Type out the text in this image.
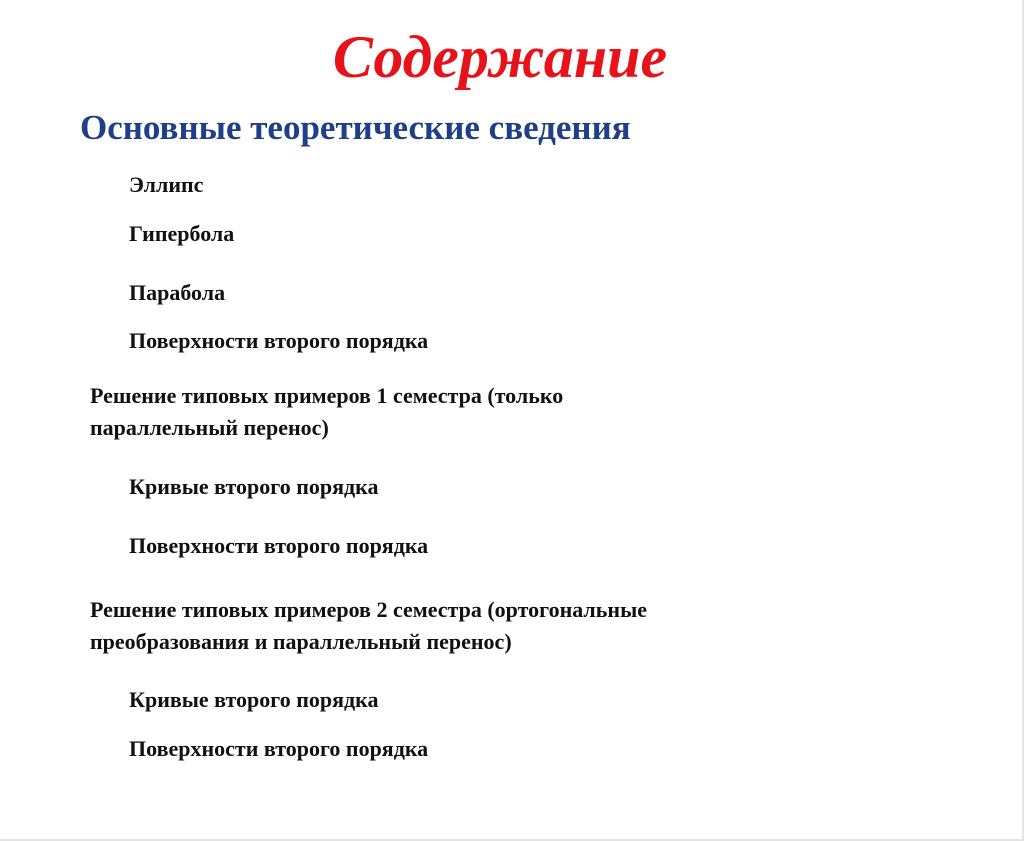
Содержание
Основные теоретические сведения
Эллипс
Гипербола
Парабола
Поверхности второго порядка
Решение типовых примеров 1 семестра (только
параллельный перенос)
Кривые второго порядка
Поверхности второго порядка
Решение типовых примеров 2 семестра (ортогональные
преобразования и параллельный перенос)
Кривые второго порядка
Поверхности второго порядка
